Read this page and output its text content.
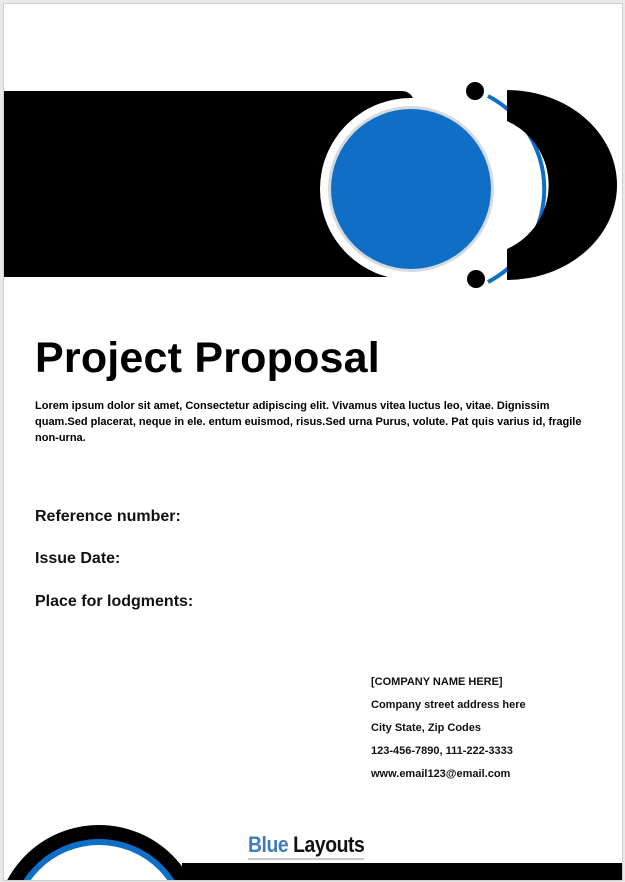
Project Proposal

Lorem ipsum dolor sit amet, Consectetur adipiscing elit. Vivamus vitea luctus leo, vitae. Dignissim quam.Sed placerat, neque in ele. entum euismod, risus.Sed urna Purus, volute. Pat quis varius id, fragile non-urna.

Reference number:
Issue Date:
Place for lodgments:
[COMPANY NAME HERE]
Company street address here
City State, Zip Codes
123-456-7890, 111-222-3333
www.email123@email.com
Blue Layouts
